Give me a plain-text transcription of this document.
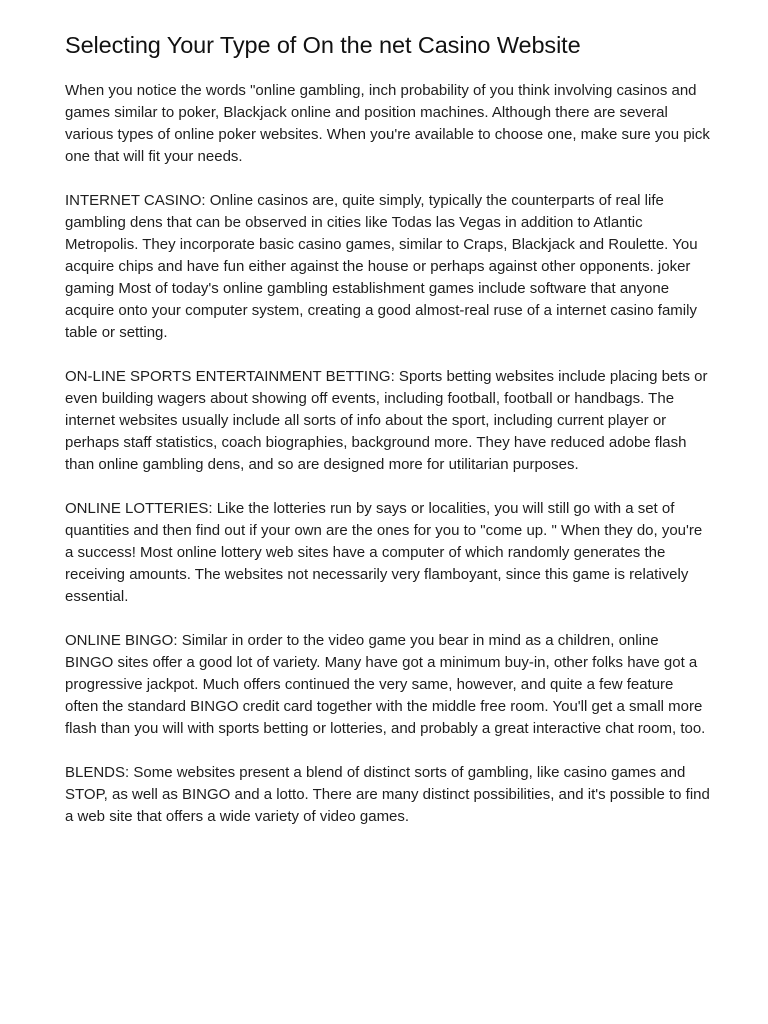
Selecting Your Type of On the net Casino Website

When you notice the words "online gambling, inch probability of you think involving casinos and games similar to poker, Blackjack online and position machines. Although there are several various types of online poker websites. When you're available to choose one, make sure you pick one that will fit your needs.

INTERNET CASINO: Online casinos are, quite simply, typically the counterparts of real life gambling dens that can be observed in cities like Todas las Vegas in addition to Atlantic Metropolis. They incorporate basic casino games, similar to Craps, Blackjack and Roulette. You acquire chips and have fun either against the house or perhaps against other opponents. joker gaming Most of today's online gambling establishment games include software that anyone acquire onto your computer system, creating a good almost-real ruse of a internet casino family table or setting.

ON-LINE SPORTS ENTERTAINMENT BETTING: Sports betting websites include placing bets or even building wagers about showing off events, including football, football or handbags. The internet websites usually include all sorts of info about the sport, including current player or perhaps staff statistics, coach biographies, background more. They have reduced adobe flash than online gambling dens, and so are designed more for utilitarian purposes.

ONLINE LOTTERIES: Like the lotteries run by says or localities, you will still go with a set of quantities and then find out if your own are the ones for you to "come up. " When they do, you're a success! Most online lottery web sites have a computer of which randomly generates the receiving amounts. The websites not necessarily very flamboyant, since this game is relatively essential.

ONLINE BINGO: Similar in order to the video game you bear in mind as a children, online BINGO sites offer a good lot of variety. Many have got a minimum buy-in, other folks have got a progressive jackpot. Much offers continued the very same, however, and quite a few feature often the standard BINGO credit card together with the middle free room. You'll get a small more flash than you will with sports betting or lotteries, and probably a great interactive chat room, too.

BLENDS: Some websites present a blend of distinct sorts of gambling, like casino games and STOP, as well as BINGO and a lotto. There are many distinct possibilities, and it's possible to find a web site that offers a wide variety of video games.
